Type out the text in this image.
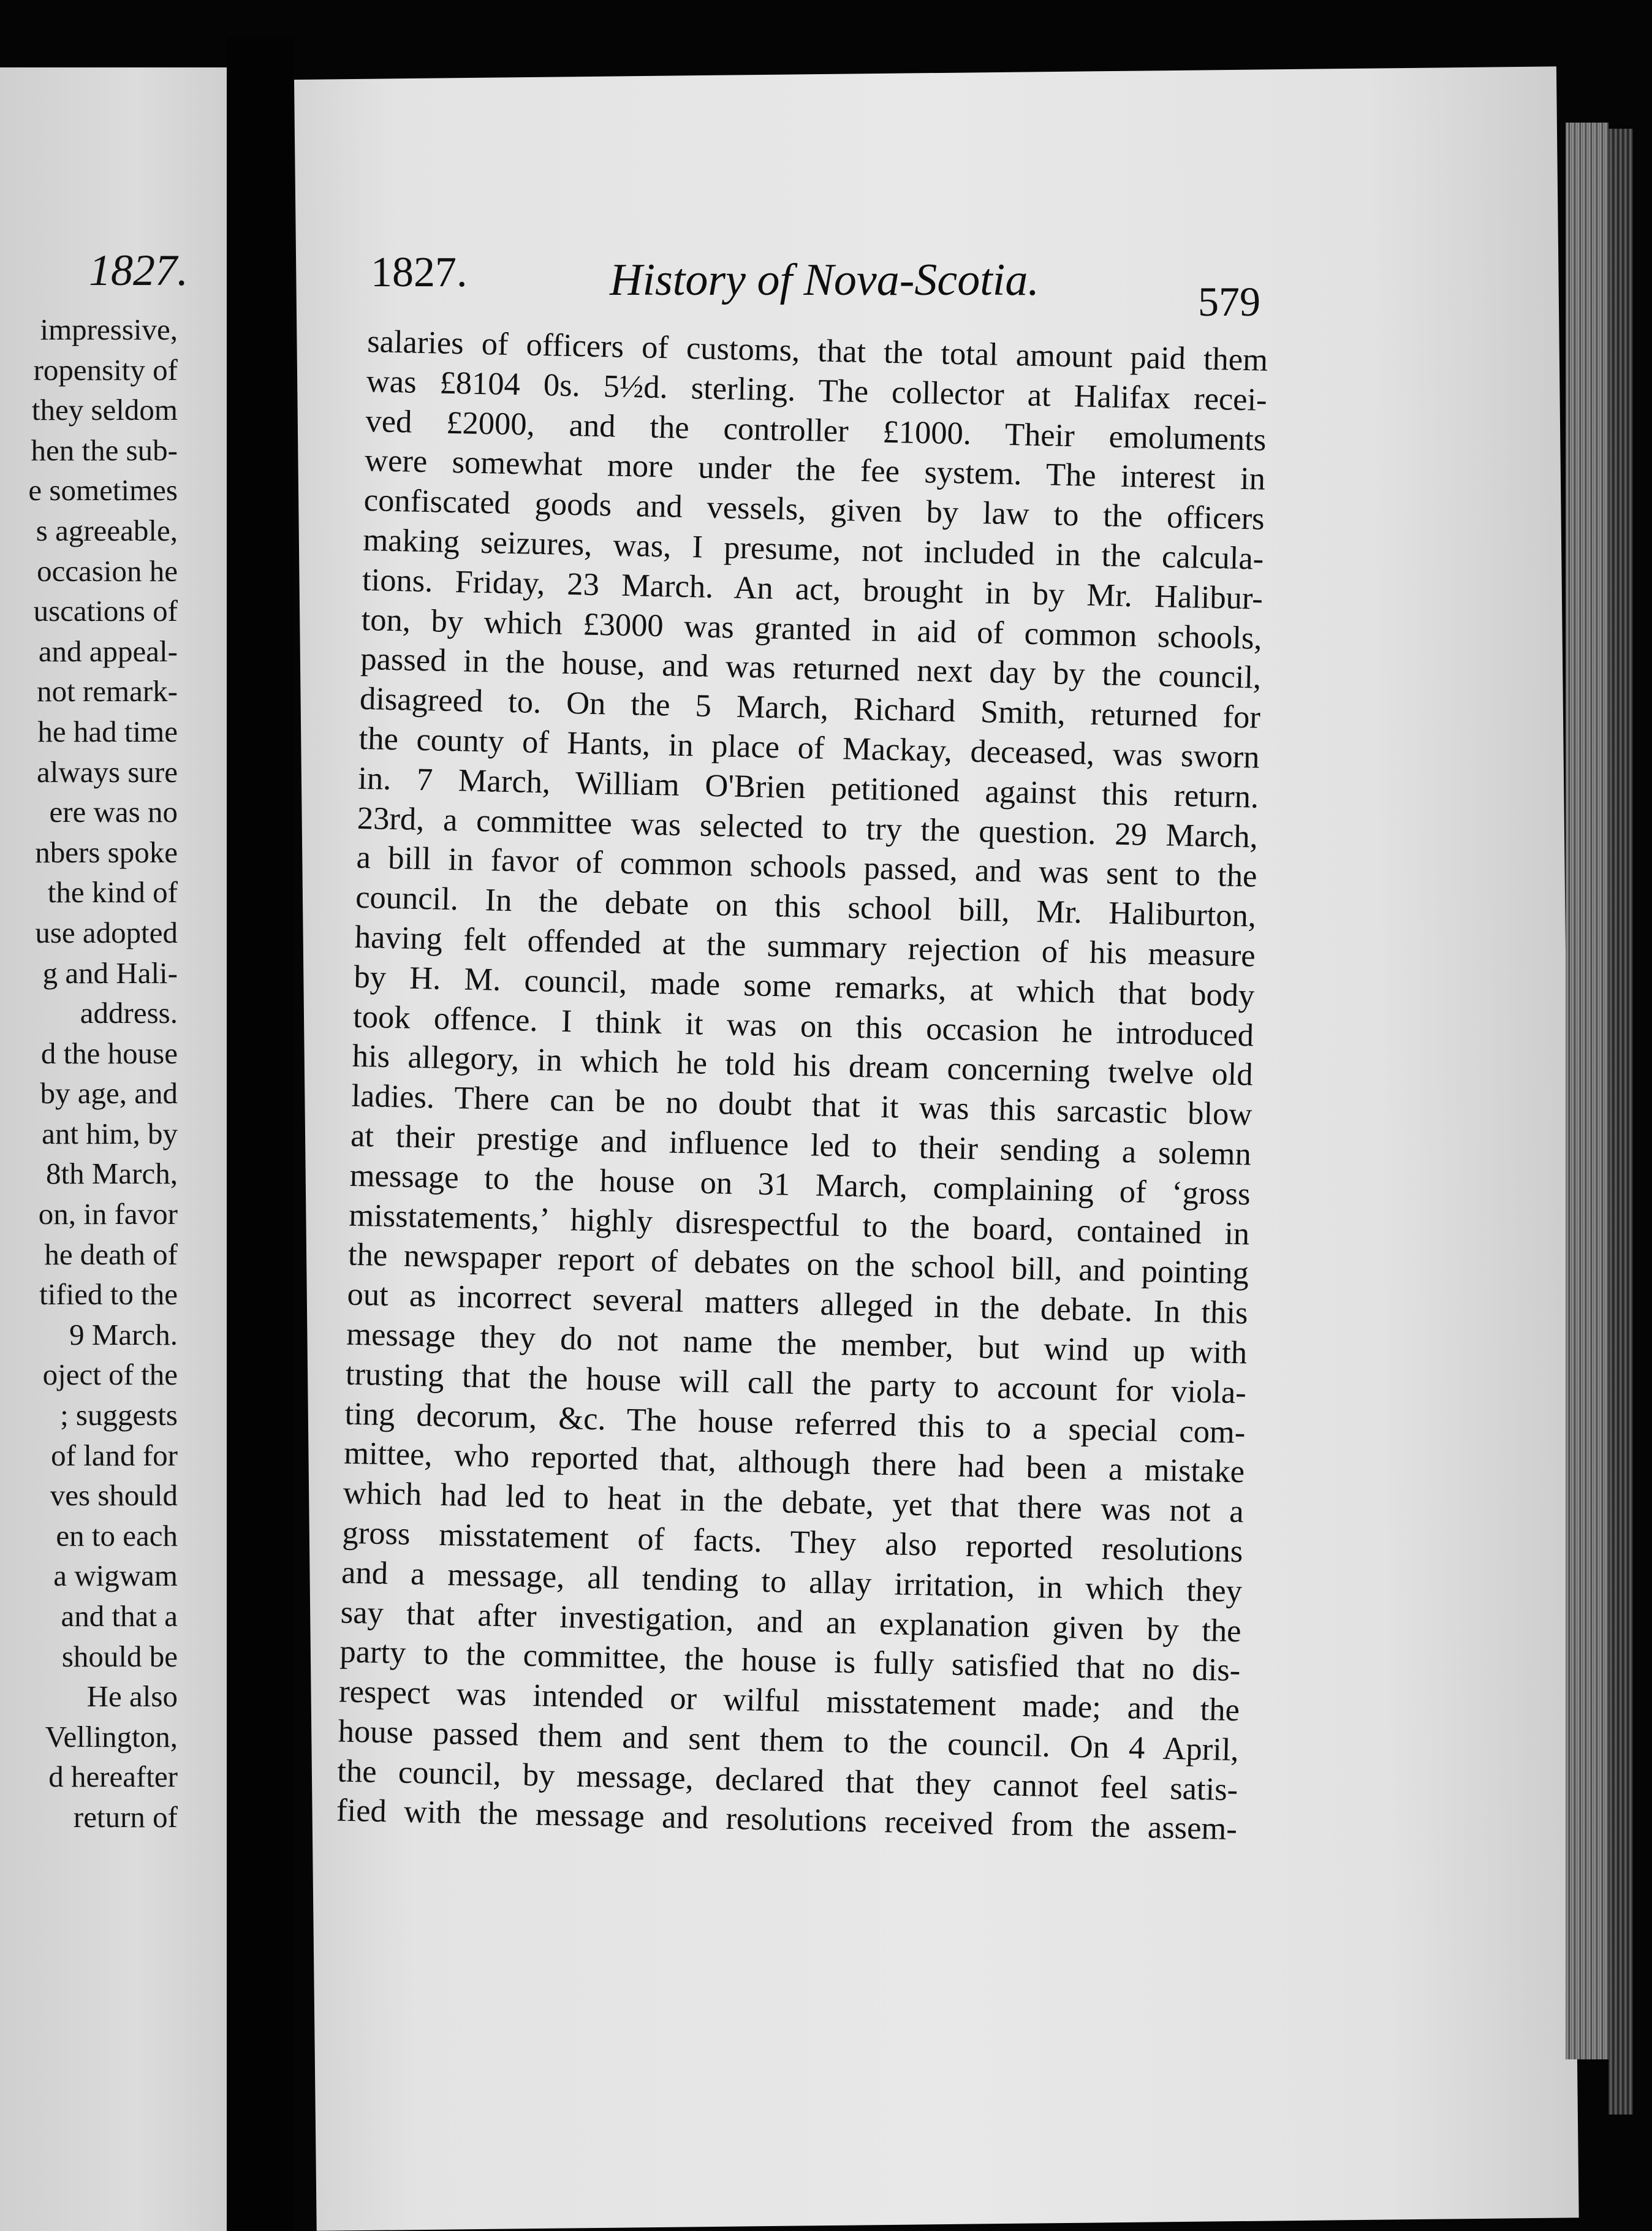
1827.
impressive,
ropensity of
they seldom
hen the sub-
e sometimes
s agreeable,
occasion he
uscations of
and appeal-
not remark-
he had time
always sure
ere was no
nbers spoke
the kind of
use adopted
g and Hali-
address.
d the house
by age, and
ant him, by
8th March,
on, in favor
he death of
tified to the
9 March.
oject of the
; suggests
of land for
ves should
en to each
a wigwam
and that a
should be
He also
Vellington,
d hereafter
return of
1827.	History of Nova-Scotia.	579
salaries of officers of customs, that the total amount paid them
was £8104 0s. 5½d. sterling. The collector at Halifax recei-
ved £2000, and the controller £1000. Their emoluments
were somewhat more under the fee system. The interest in
confiscated goods and vessels, given by law to the officers
making seizures, was, I presume, not included in the calcula-
tions. Friday, 23 March. An act, brought in by Mr. Halibur-
ton, by which £3000 was granted in aid of common schools,
passed in the house, and was returned next day by the council,
disagreed to. On the 5 March, Richard Smith, returned for
the county of Hants, in place of Mackay, deceased, was sworn
in. 7 March, William O'Brien petitioned against this return.
23rd, a committee was selected to try the question. 29 March,
a bill in favor of common schools passed, and was sent to the
council. In the debate on this school bill, Mr. Haliburton,
having felt offended at the summary rejection of his measure
by H. M. council, made some remarks, at which that body
took offence. I think it was on this occasion he introduced
his allegory, in which he told his dream concerning twelve old
ladies. There can be no doubt that it was this sarcastic blow
at their prestige and influence led to their sending a solemn
message to the house on 31 March, complaining of ‘gross
misstatements,’ highly disrespectful to the board, contained in
the newspaper report of debates on the school bill, and pointing
out as incorrect several matters alleged in the debate. In this
message they do not name the member, but wind up with
trusting that the house will call the party to account for viola-
ting decorum, &c. The house referred this to a special com-
mittee, who reported that, although there had been a mistake
which had led to heat in the debate, yet that there was not a
gross misstatement of facts. They also reported resolutions
and a message, all tending to allay irritation, in which they
say that after investigation, and an explanation given by the
party to the committee, the house is fully satisfied that no dis-
respect was intended or wilful misstatement made; and the
house passed them and sent them to the council. On 4 April,
the council, by message, declared that they cannot feel satis-
fied with the message and resolutions received from the assem-
